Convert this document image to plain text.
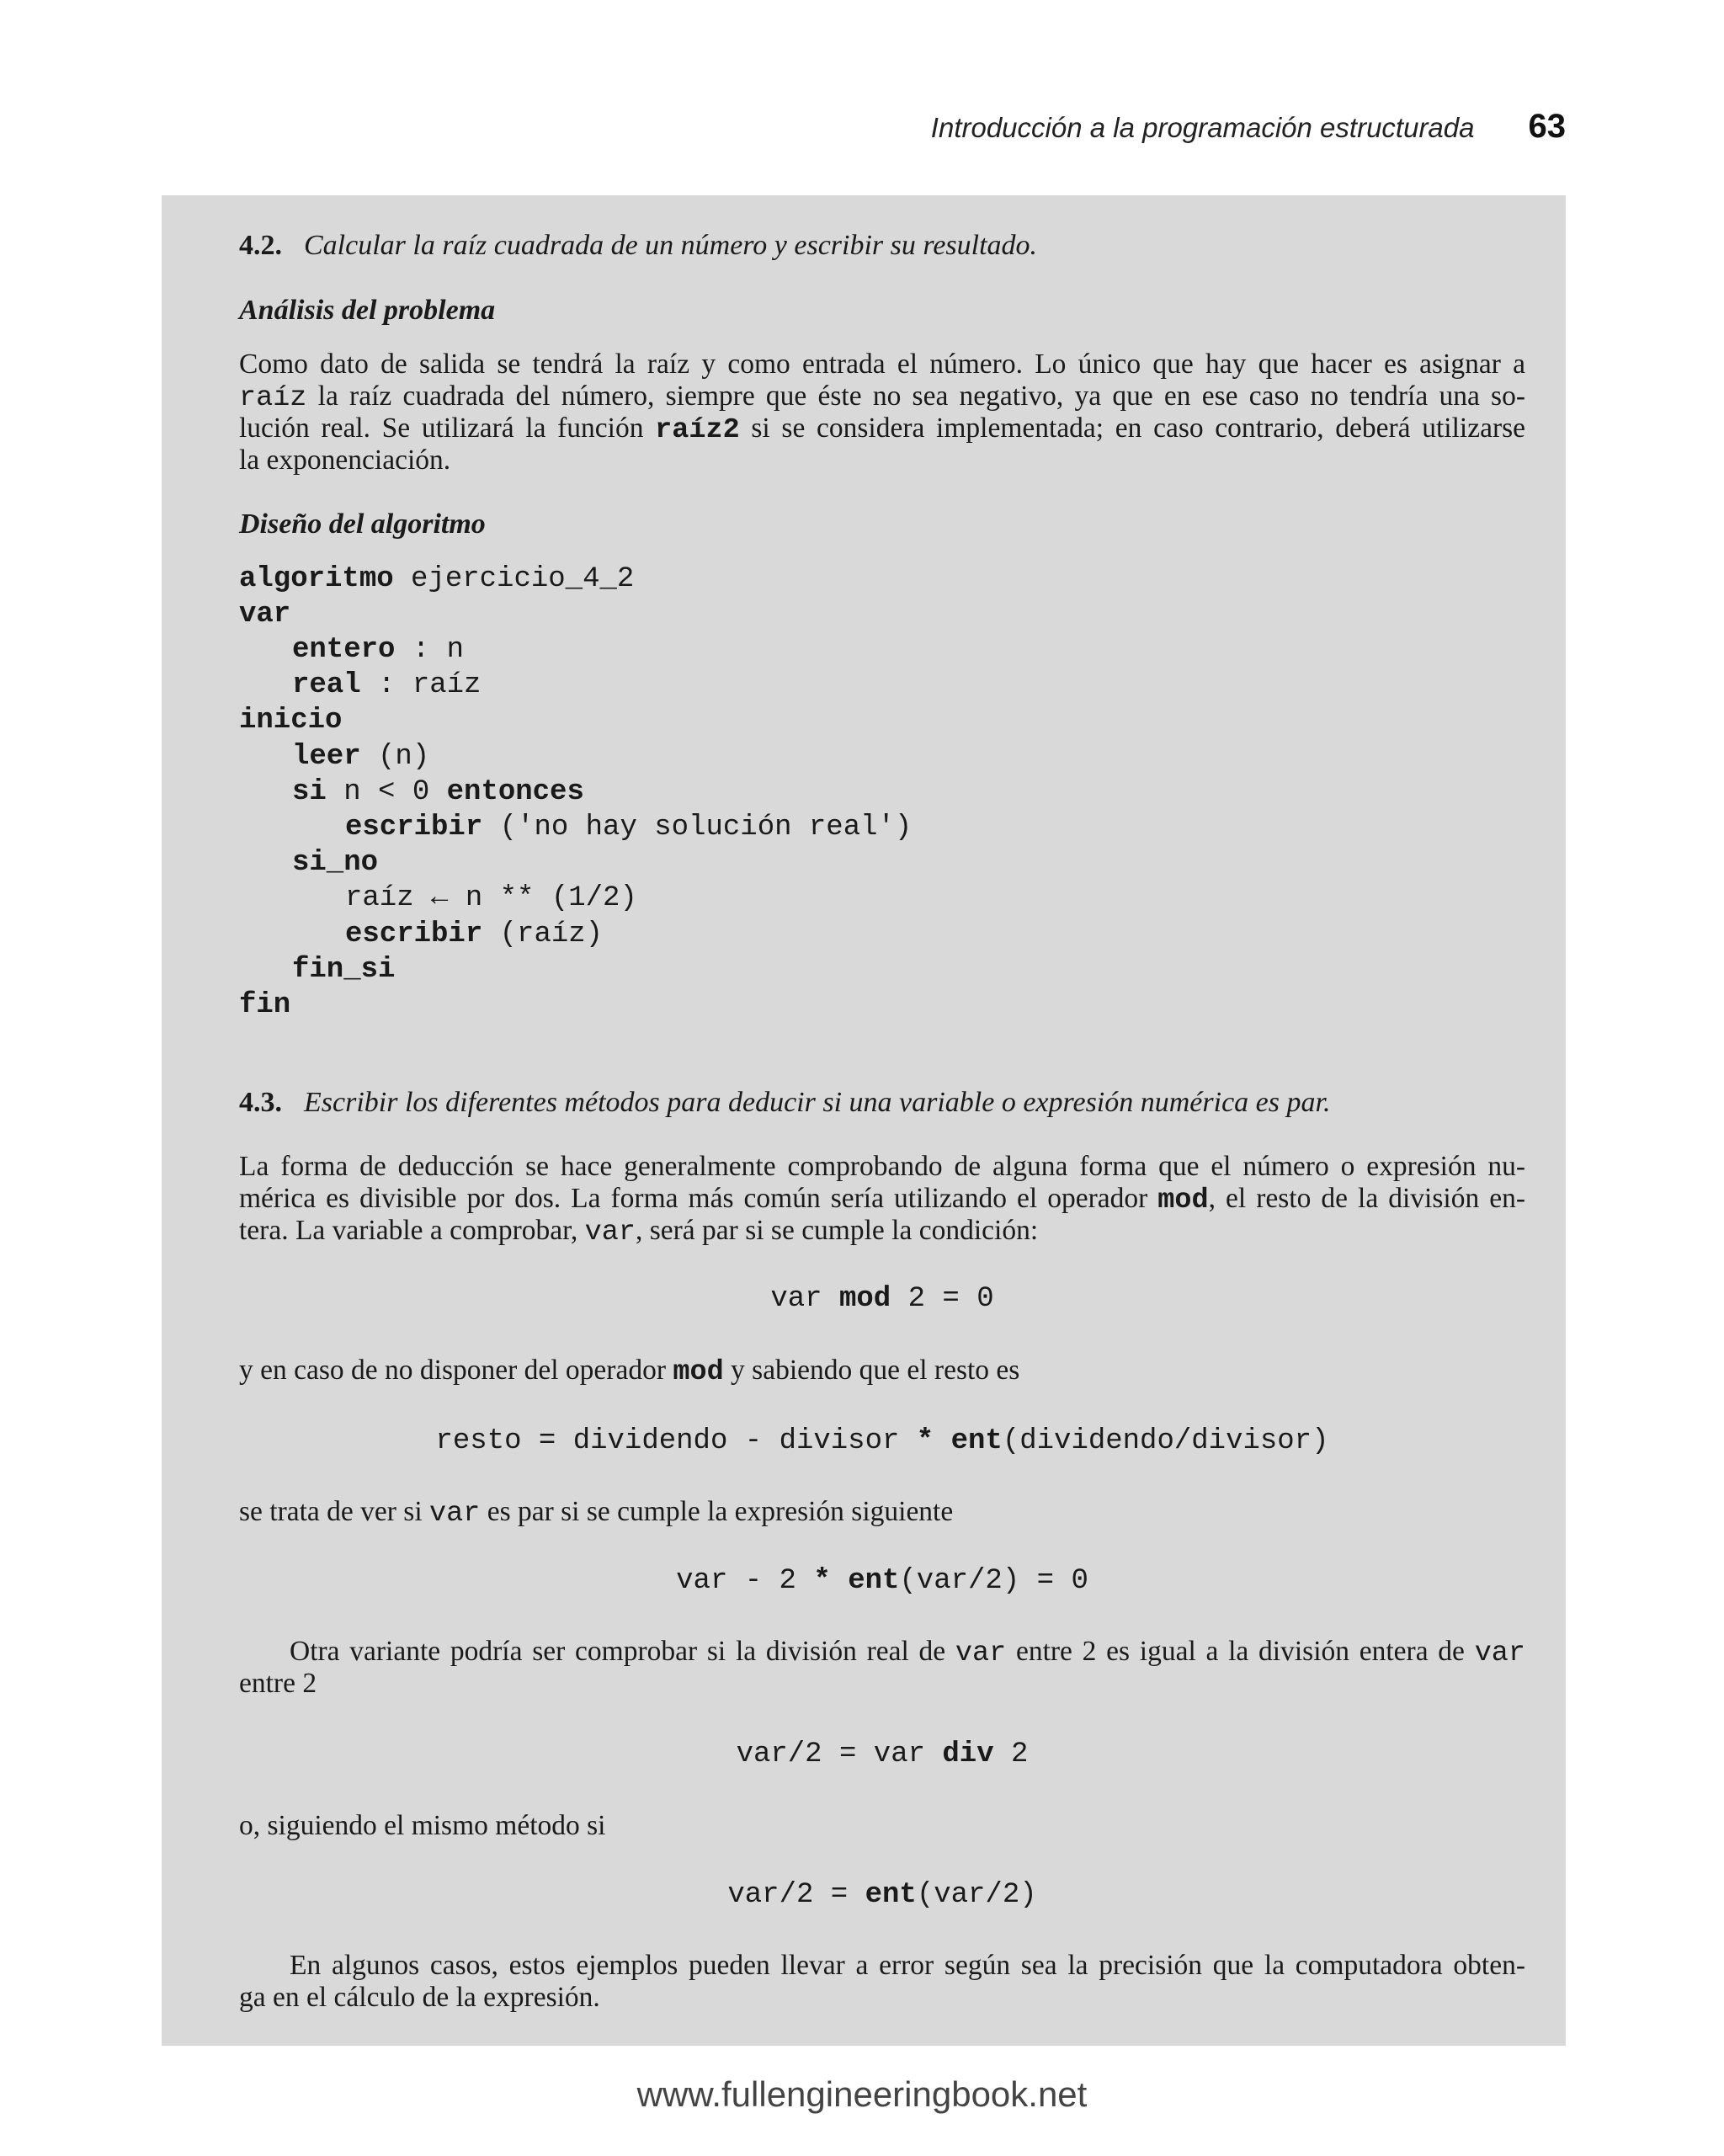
Introducción a la programación estructurada 63
4.2. Calcular la raíz cuadrada de un número y escribir su resultado.
Análisis del problema
Como dato de salida se tendrá la raíz y como entrada el número. Lo único que hay que hacer es asignar a
raíz la raíz cuadrada del número, siempre que éste no sea negativo, ya que en ese caso no tendría una so-
lución real. Se utilizará la función raíz2 si se considera implementada; en caso contrario, deberá utilizarse
la exponenciación.
Diseño del algoritmo
algoritmo ejercicio_4_2
var
entero : n
real : raíz
inicio
leer (n)
si n < 0 entonces
escribir ('no hay solución real')
si_no
raíz ← n ** (1/2)
escribir (raíz)
fin_si
fin
4.3. Escribir los diferentes métodos para deducir si una variable o expresión numérica es par.
La forma de deducción se hace generalmente comprobando de alguna forma que el número o expresión nu-
mérica es divisible por dos. La forma más común sería utilizando el operador mod, el resto de la división en-
tera. La variable a comprobar, var, será par si se cumple la condición:
var mod 2 = 0
y en caso de no disponer del operador mod y sabiendo que el resto es
resto = dividendo - divisor * ent(dividendo/divisor)
se trata de ver si var es par si se cumple la expresión siguiente
var - 2 * ent(var/2) = 0
Otra variante podría ser comprobar si la división real de var entre 2 es igual a la división entera de var
entre 2
var/2 = var div 2
o, siguiendo el mismo método si
var/2 = ent(var/2)
En algunos casos, estos ejemplos pueden llevar a error según sea la precisión que la computadora obten-
ga en el cálculo de la expresión.
www.fullengineeringbook.net
